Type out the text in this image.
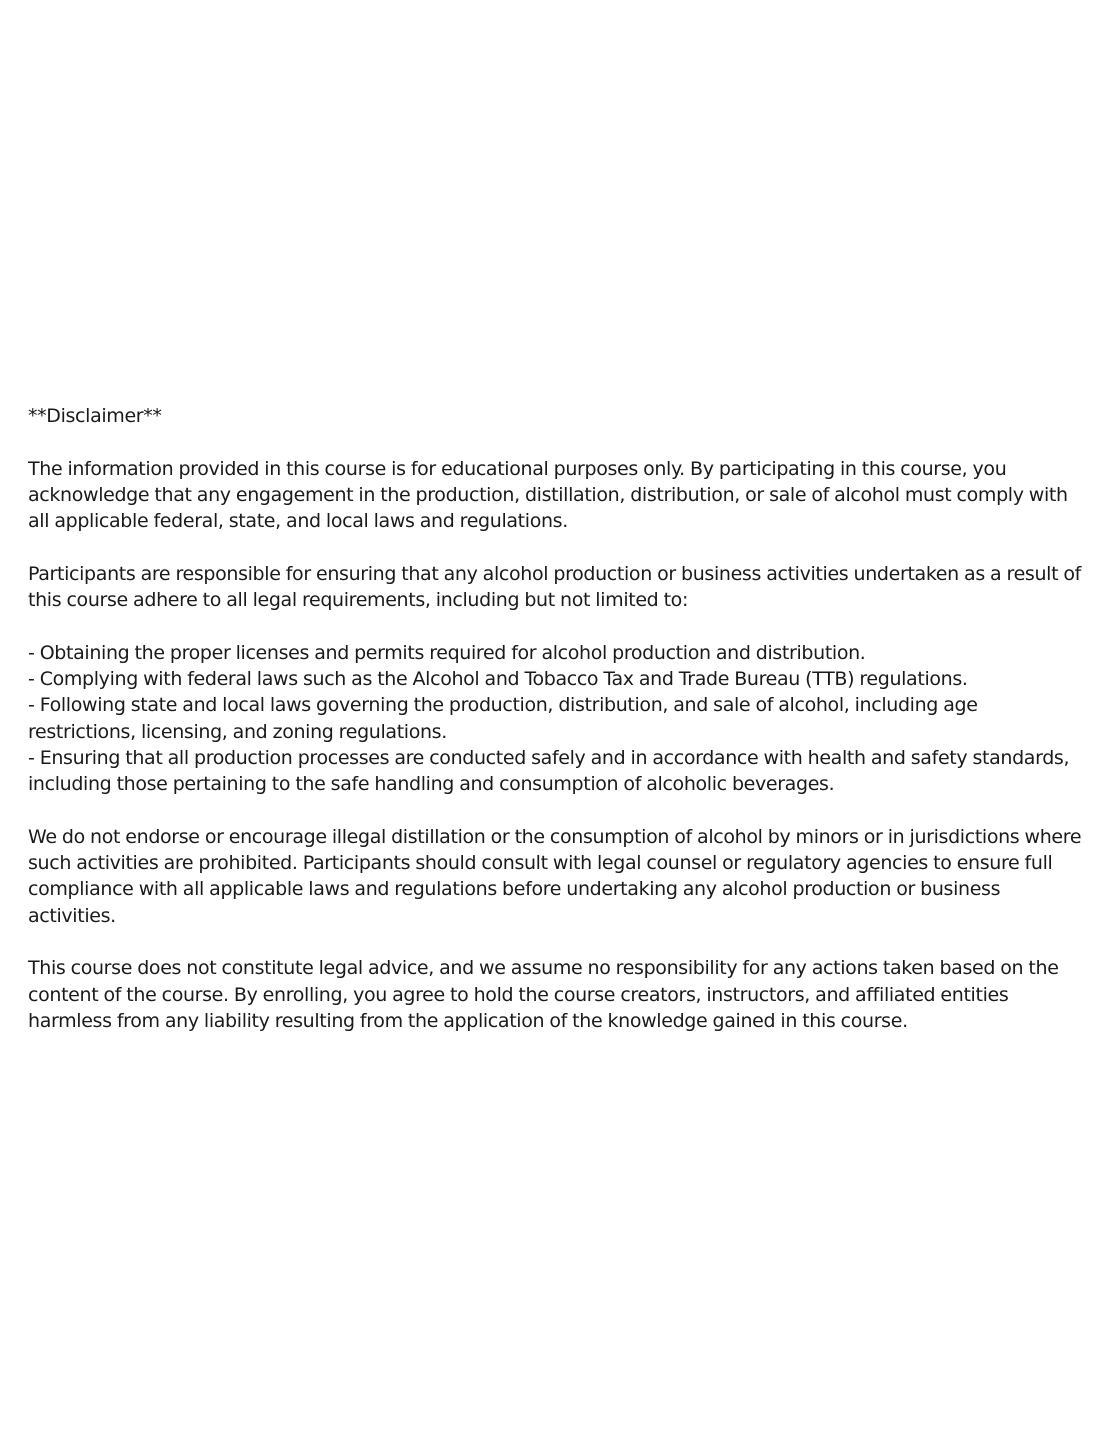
**Disclaimer**
The information provided in this course is for educational purposes only. By participating in this course, you
acknowledge that any engagement in the production, distillation, distribution, or sale of alcohol must comply with
all applicable federal, state, and local laws and regulations.
Participants are responsible for ensuring that any alcohol production or business activities undertaken as a result of
this course adhere to all legal requirements, including but not limited to:
- Obtaining the proper licenses and permits required for alcohol production and distribution.
- Complying with federal laws such as the Alcohol and Tobacco Tax and Trade Bureau (TTB) regulations.
- Following state and local laws governing the production, distribution, and sale of alcohol, including age
restrictions, licensing, and zoning regulations.
- Ensuring that all production processes are conducted safely and in accordance with health and safety standards,
including those pertaining to the safe handling and consumption of alcoholic beverages.
We do not endorse or encourage illegal distillation or the consumption of alcohol by minors or in jurisdictions where
such activities are prohibited. Participants should consult with legal counsel or regulatory agencies to ensure full
compliance with all applicable laws and regulations before undertaking any alcohol production or business
activities.
This course does not constitute legal advice, and we assume no responsibility for any actions taken based on the
content of the course. By enrolling, you agree to hold the course creators, instructors, and affiliated entities
harmless from any liability resulting from the application of the knowledge gained in this course.
